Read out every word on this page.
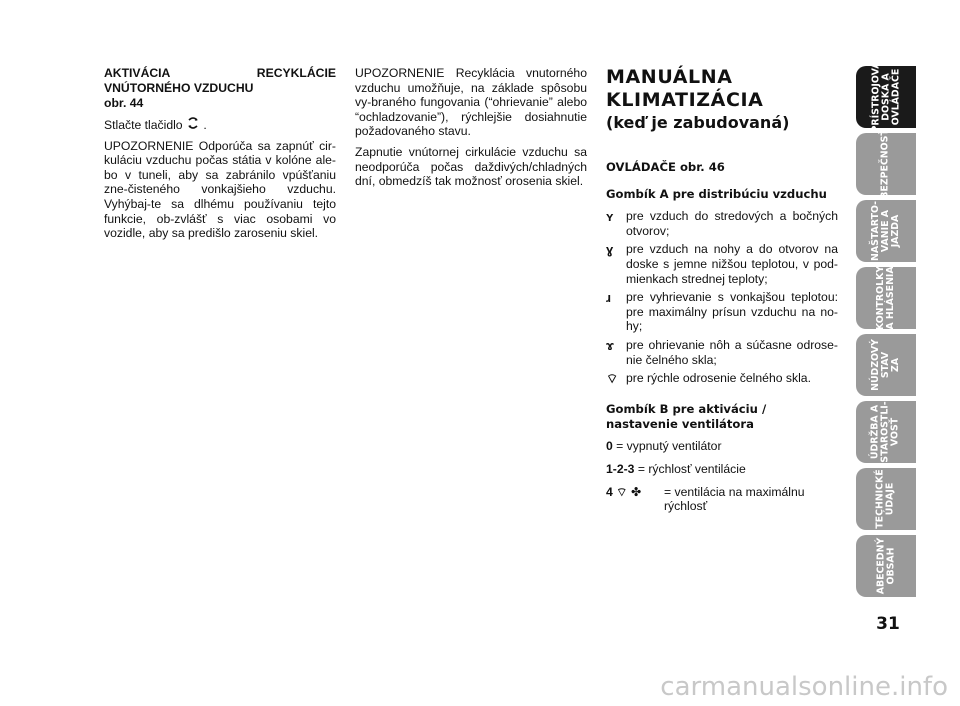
AKTIVÁCIA RECYKLÁCIE VNÚTORNÉHO VZDUCHU

obr. 44

Stlačte tlačidlo .

UPOZORNENIE Odporúča sa zapnúť cir-kuláciu vzduchu počas státia v kolóne ale-bo v tuneli, aby sa zabránilo vpúšťaniu zne-čisteného vonkajšieho vzduchu. Vyhýbaj-te sa dlhému používaniu tejto funkcie, ob-zvlášť s viac osobami vo vozidle, aby sa predišlo zaroseniu skiel.

UPOZORNENIE Recyklácia vnutorného vzduchu umožňuje, na základe spôsobu vy-braného fungovania (“ohrievanie” alebo “ochladzovanie”), rýchlejšie dosiahnutie požadovaného stavu.

Zapnutie vnútornej cirkulácie vzduchu sa neodporúča počas daždivých/chladných dní, obmedzíš tak možnosť orosenia skiel.

MANUÁLNA
KLIMATIZÁCIA
(keď je zabudovaná)
OVLÁDAČE obr. 46
Gombík A pre distribúciu vzduchu
ʏ	pre vzduch do stredových a bočných otvorov;
ɣ	pre vzduch na nohy a do otvorov na doske s jemne nižšou teplotou, v pod-mienkach strednej teploty;
ɹ	pre vyhrievanie s vonkajšou teplotou: pre maximálny prísun vzduchu na no-hy;
ɤ pre ohrievanie nôh a súčasne odrose-nie čelného skla;
⌔ pre rýchle odrosenie čelného skla.
Gombík B pre aktiváciu / nastavenie ventilátora
0 = vypnutý ventilátor
1-2-3 = rýchlosť ventilácie
4 ⌔ ✤	= ventilácia na maximálnu rýchlosť
PRÍSTROJOVÁ
DOSKA A
OVLÁDAČE
BEZPEČNOSŤ
NAŠTARTO-
VANIE A
JAZDA
KONTROLKY
A HLÁSENIA
NÚDZOVÝ
STAV
ZA
ÚDRŽBA A
STAROSTLI-
VOSŤ
TECHNICKÉ
ÚDAJE
ABECEDNÝ
OBSAH
31
carmanualsonline.info
